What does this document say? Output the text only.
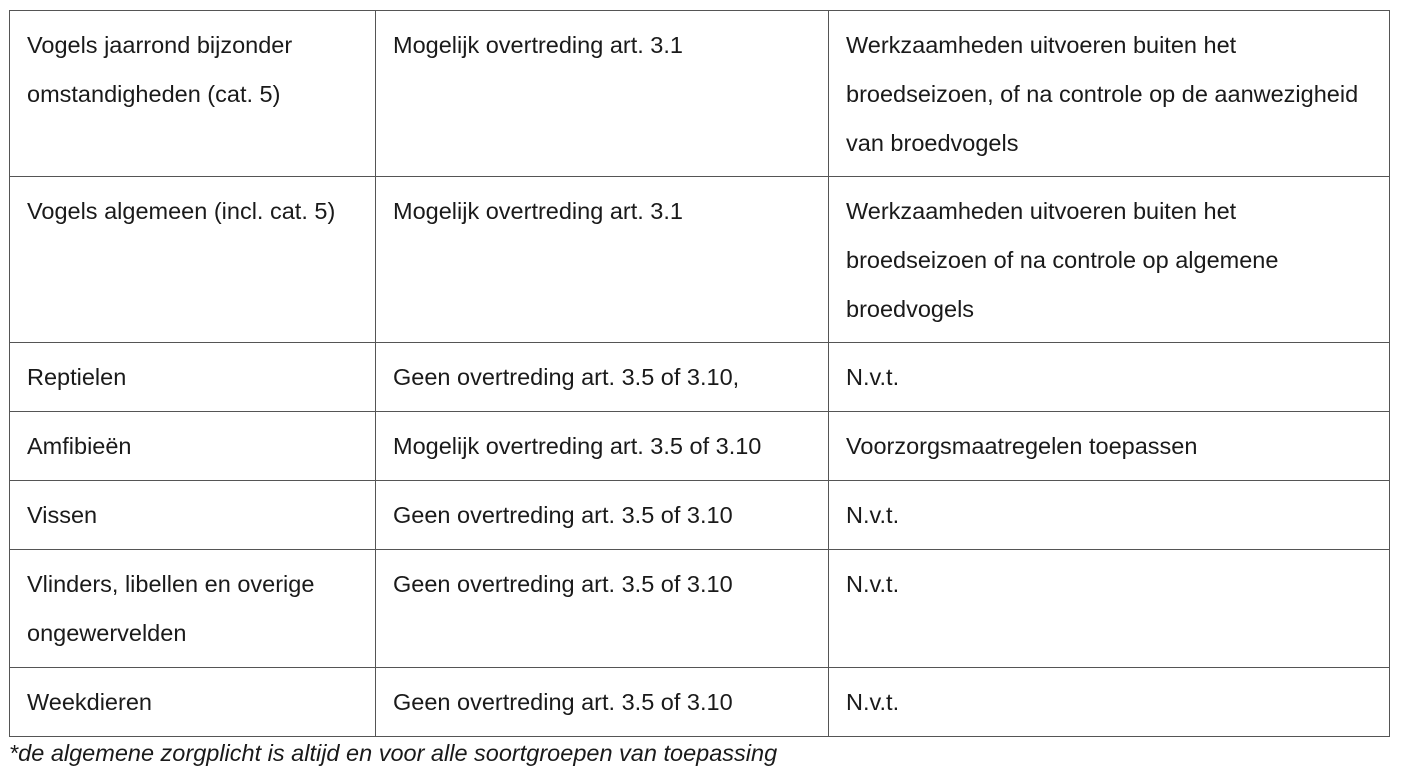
Vogels jaarrond bijzonder omstandigheden (cat. 5)	Mogelijk overtreding art. 3.1	Werkzaamheden uitvoeren buiten het broedseizoen, of na controle op de aanwezigheid van broedvogels
Vogels algemeen (incl. cat. 5)	Mogelijk overtreding art. 3.1	Werkzaamheden uitvoeren buiten het broedseizoen of na controle op algemene broedvogels
Reptielen	Geen overtreding art. 3.5 of 3.10,	N.v.t.
Amfibieën	Mogelijk overtreding art. 3.5 of 3.10	Voorzorgsmaatregelen toepassen
Vissen	Geen overtreding art. 3.5 of 3.10	N.v.t.
Vlinders, libellen en overige ongewervelden	Geen overtreding art. 3.5 of 3.10	N.v.t.
Weekdieren	Geen overtreding art. 3.5 of 3.10	N.v.t.
*de algemene zorgplicht is altijd en voor alle soortgroepen van toepassing
